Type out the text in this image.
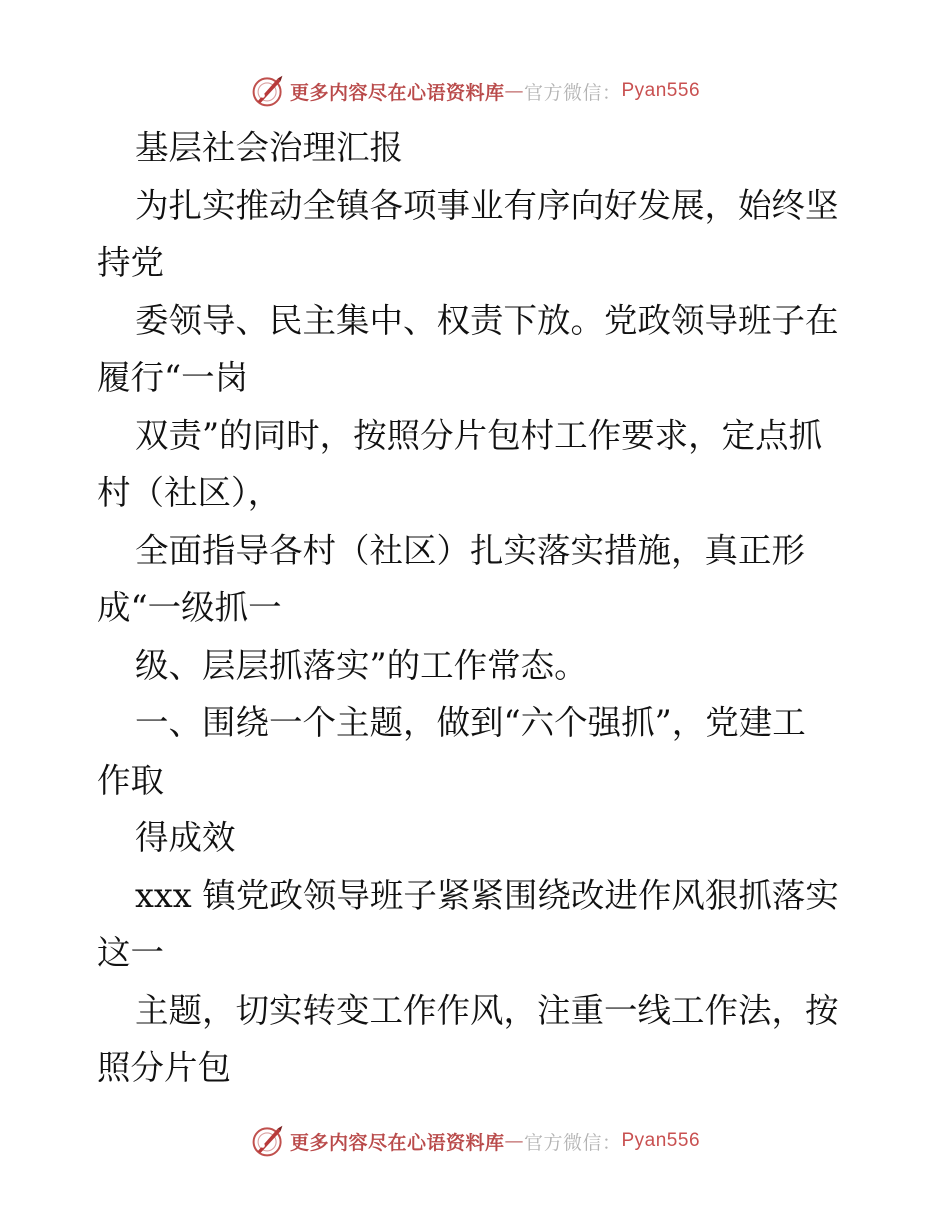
更多内容尽在心语资料库 — 官方微信： Pyan556
基层社会治理汇报
为扎实推动全镇各项事业有序向好发展，始终坚
持党
委领导、民主集中、权责下放。党政领导班子在
履行“一岗
双责”的同时，按照分片包村工作要求，定点抓
村（社区），
全面指导各村（社区）扎实落实措施，真正形
成“一级抓一
级、层层抓落实”的工作常态。
一、围绕一个主题，做到“六个强抓”，党建工
作取
得成效
xxx 镇党政领导班子紧紧围绕改进作风狠抓落实
这一
主题，切实转变工作作风，注重一线工作法，按
照分片包
更多内容尽在心语资料库 — 官方微信： Pyan556
